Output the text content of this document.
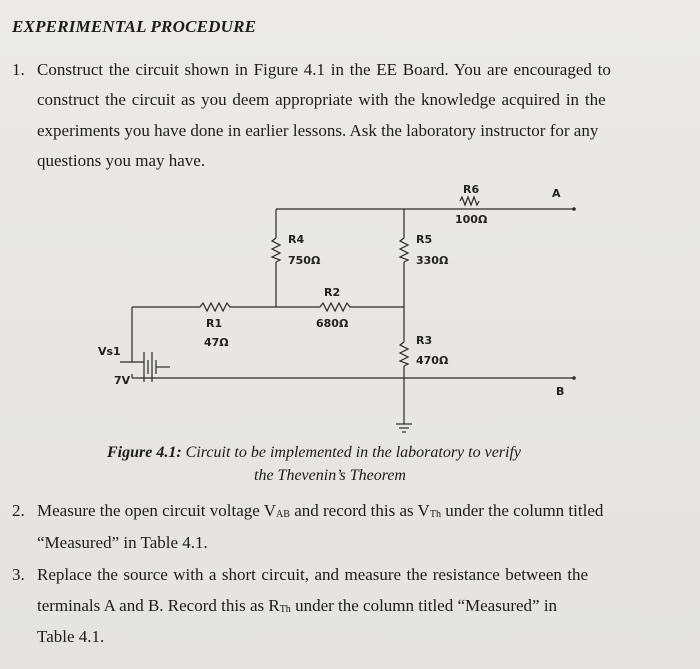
EXPERIMENTAL PROCEDURE
1. Construct the circuit shown in Figure 4.1 in the EE Board. You are encouraged to
construct the circuit as you deem appropriate with the knowledge acquired in the
experiments you have done in earlier lessons. Ask the laboratory instructor for any
questions you may have.
R6
100Ω
A
R4
750Ω
R5
330Ω
R2
680Ω
R1
47Ω	R3
470Ω
Vs1
7V
B
Figure 4.1: Circuit to be implemented in the laboratory to verify
the Thevenin’s Theorem
2. Measure the open circuit voltage $V_{AB}$ and record this as $V_{Th}$ under the column titled
“Measured” in Table 4.1.
3. Replace the source with a short circuit, and measure the resistance between the
terminals A and B. Record this as $R_{Th}$ under the column titled “Measured” in
Table 4.1.
